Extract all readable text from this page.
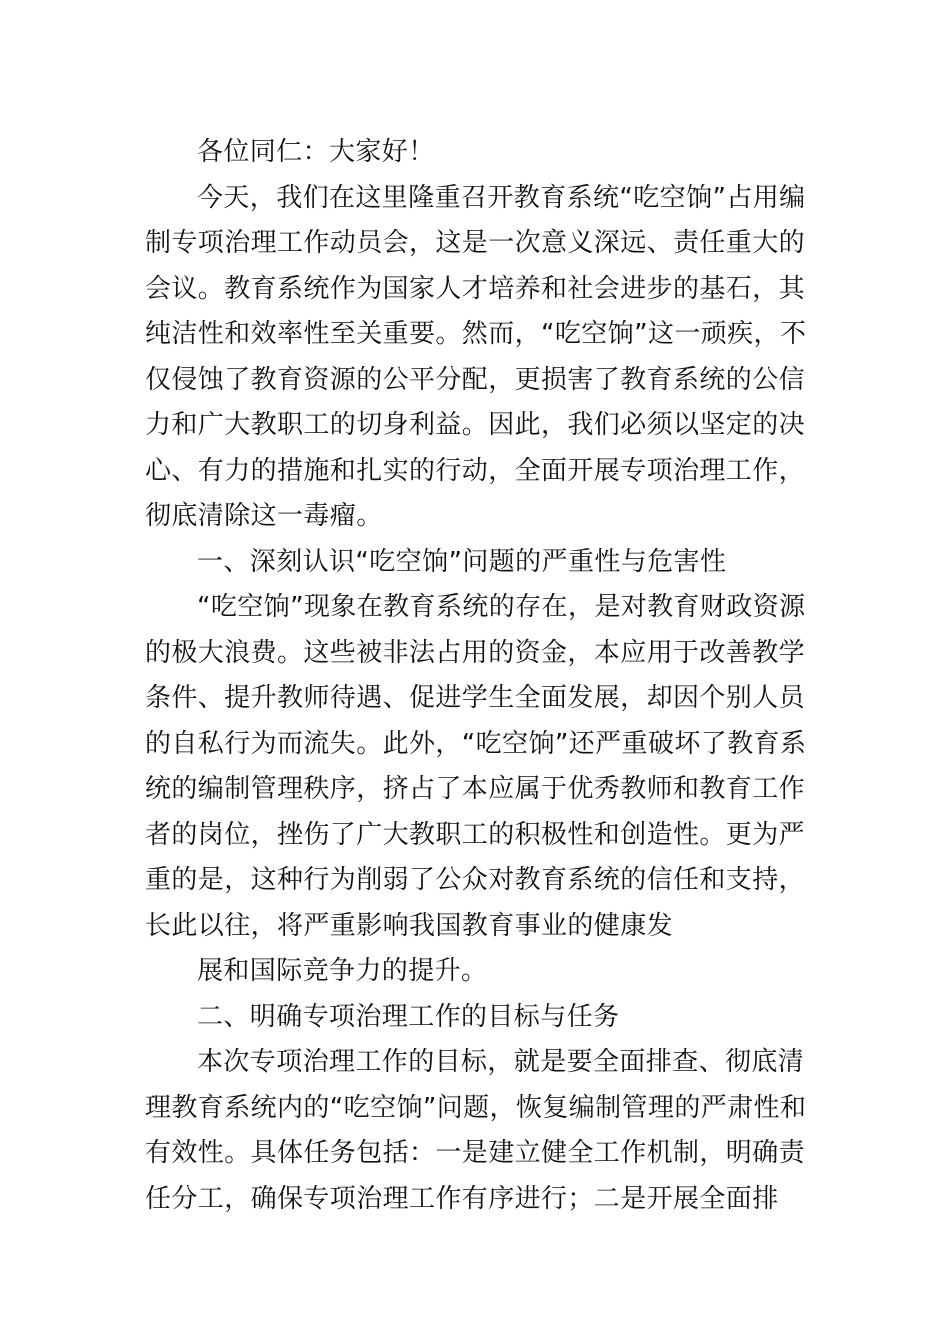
各位同仁：大家好！
今天，我们在这里隆重召开教育系统“吃空饷”占用编
制专项治理工作动员会，这是一次意义深远、责任重大的
会议。教育系统作为国家人才培养和社会进步的基石，其
纯洁性和效率性至关重要。然而，“吃空饷”这一顽疾，不
仅侵蚀了教育资源的公平分配，更损害了教育系统的公信
力和广大教职工的切身利益。因此，我们必须以坚定的决
心、有力的措施和扎实的行动，全面开展专项治理工作，
彻底清除这一毒瘤。
一、深刻认识“吃空饷”问题的严重性与危害性
“吃空饷”现象在教育系统的存在，是对教育财政资源
的极大浪费。这些被非法占用的资金，本应用于改善教学
条件、提升教师待遇、促进学生全面发展，却因个别人员
的自私行为而流失。此外，“吃空饷”还严重破坏了教育系
统的编制管理秩序，挤占了本应属于优秀教师和教育工作
者的岗位，挫伤了广大教职工的积极性和创造性。更为严
重的是，这种行为削弱了公众对教育系统的信任和支持，
长此以往，将严重影响我国教育事业的健康发
展和国际竞争力的提升。
二、明确专项治理工作的目标与任务
本次专项治理工作的目标，就是要全面排查、彻底清
理教育系统内的“吃空饷”问题，恢复编制管理的严肃性和
有效性。具体任务包括：一是建立健全工作机制，明确责
任分工，确保专项治理工作有序进行；二是开展全面排
